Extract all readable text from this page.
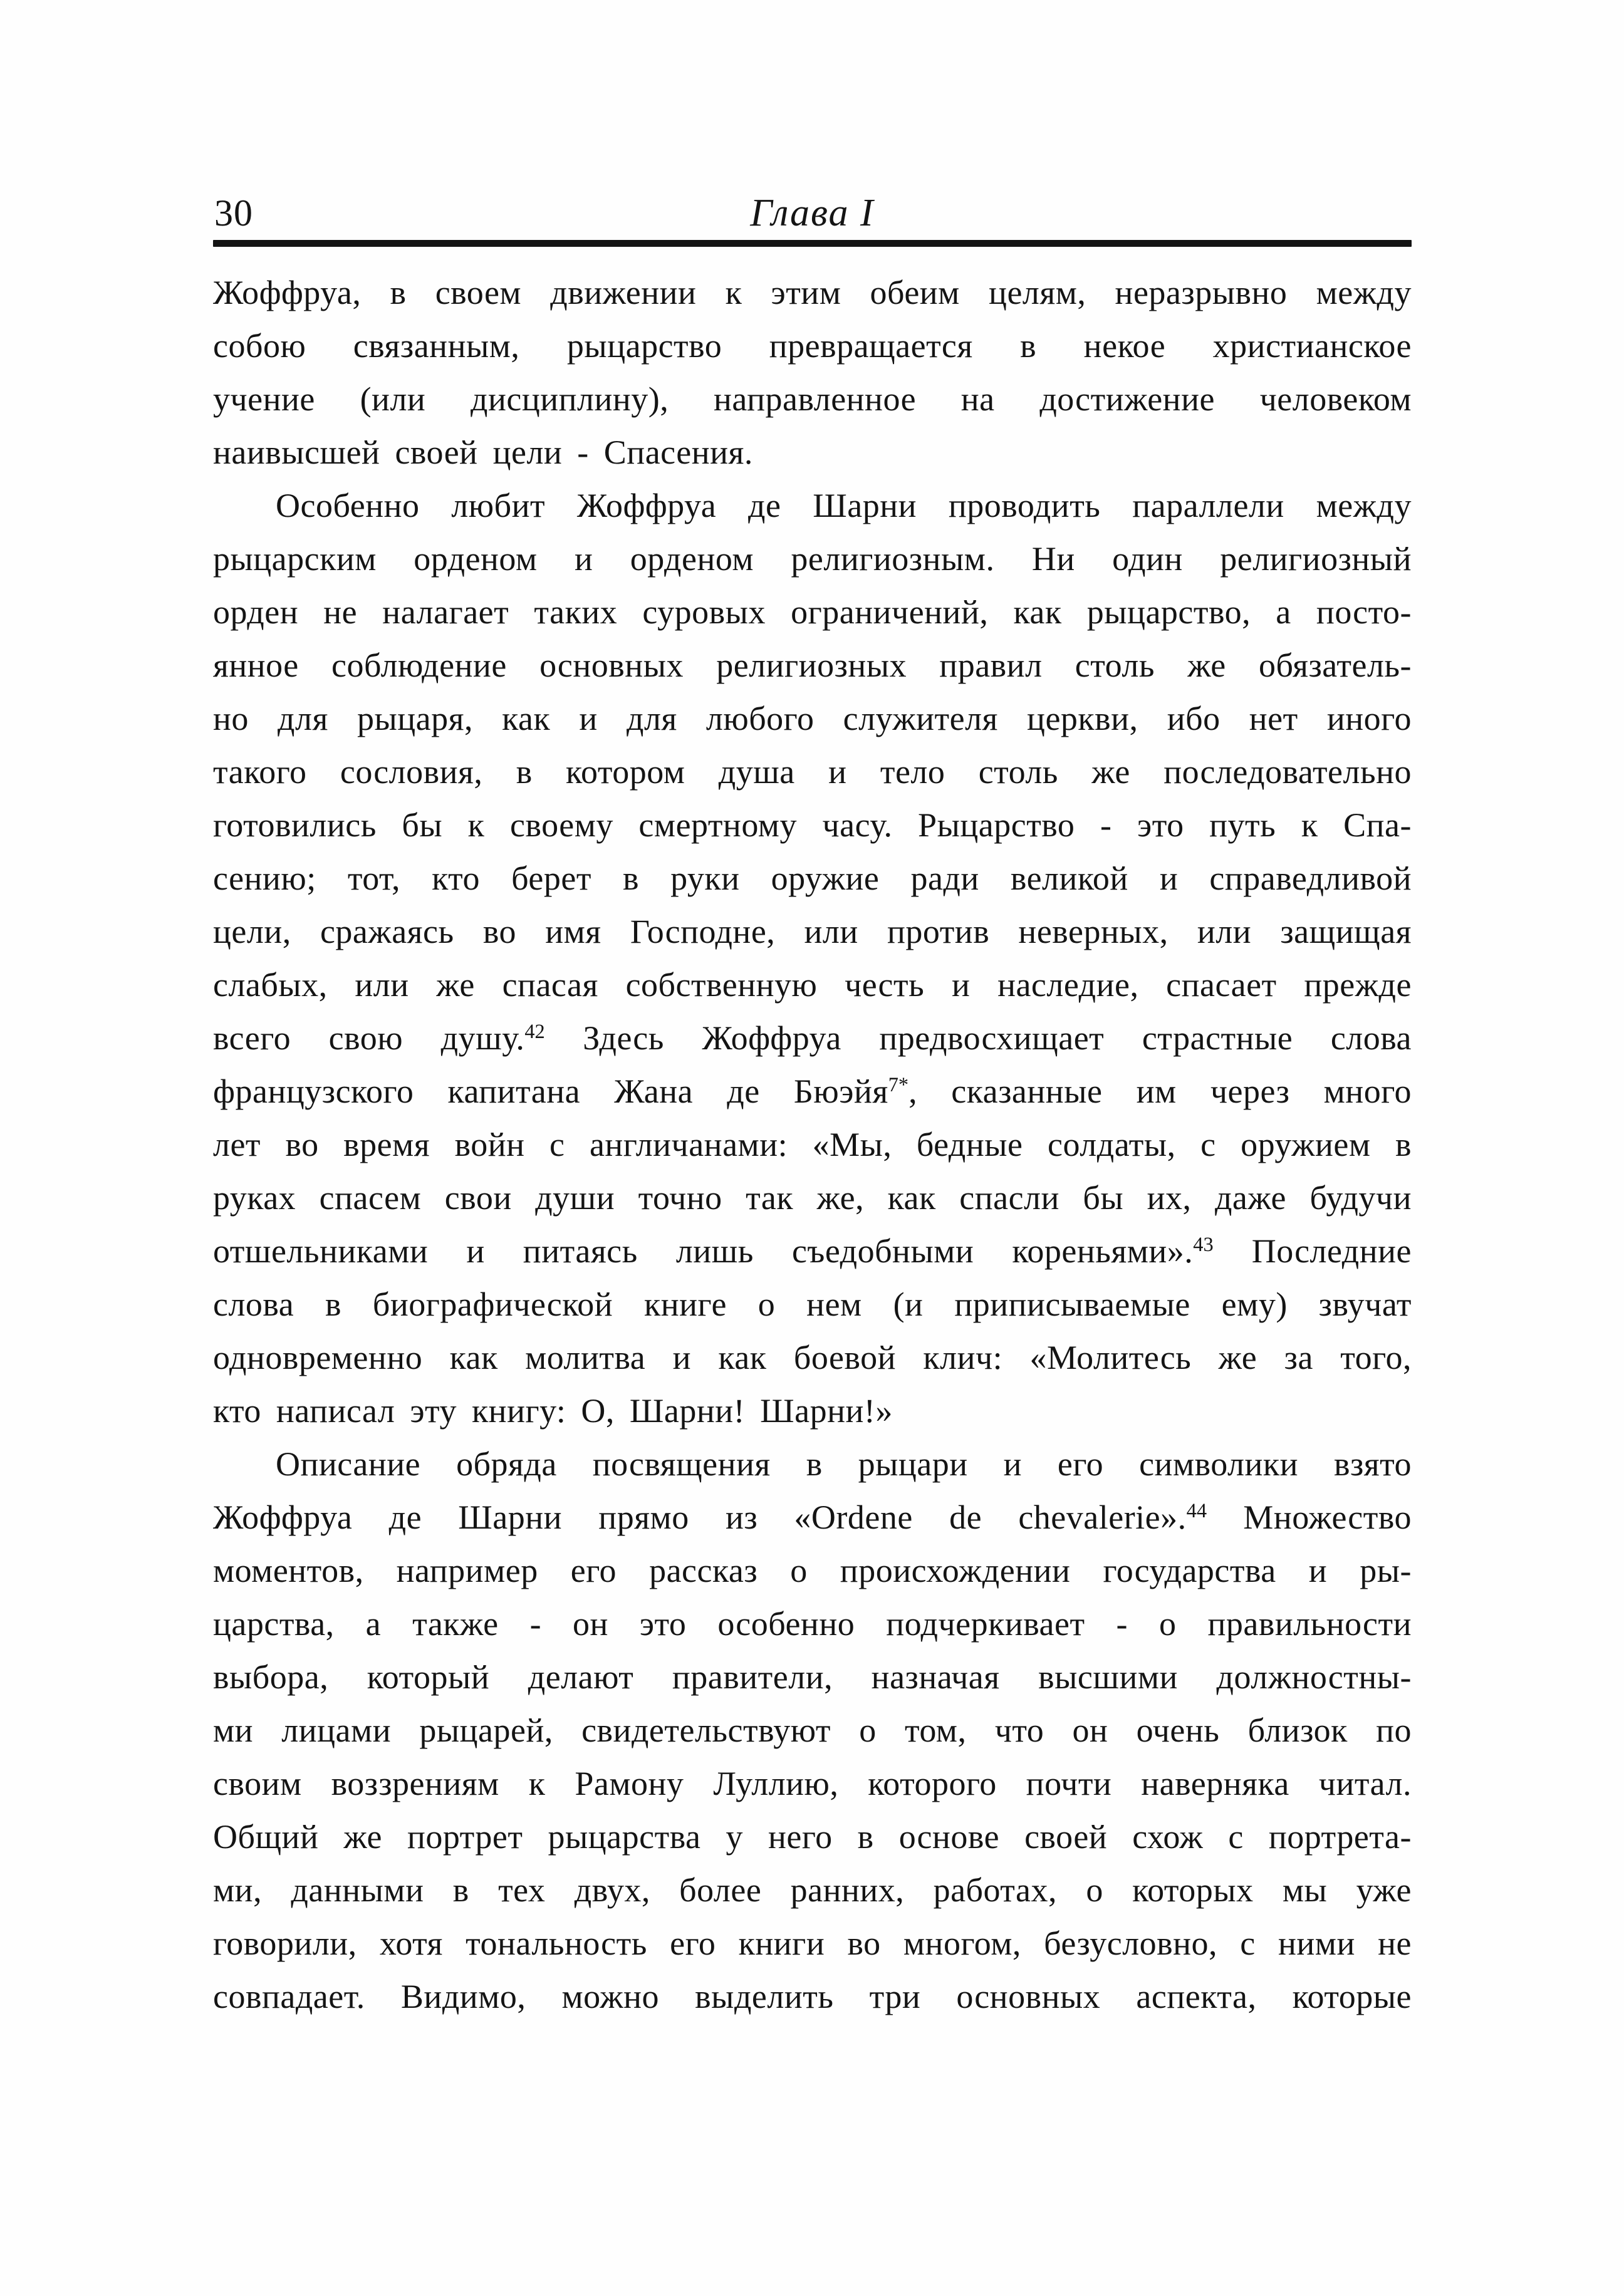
30	Глава I
Жоффруа, в своем движении к этим обеим целям, неразрывно между
собою связанным, рыцарство превращается в некое христианское
учение (или дисциплину), направленное на достижение человеком
наивысшей своей цели - Спасения.
Особенно любит Жоффруа де Шарни проводить параллели между
рыцарским орденом и орденом религиозным. Ни один религиозный
орден не налагает таких суровых ограничений, как рыцарство, а посто-
янное соблюдение основных религиозных правил столь же обязатель-
но для рыцаря, как и для любого служителя церкви, ибо нет иного
такого сословия, в котором душа и тело столь же последовательно
готовились бы к своему смертному часу. Рыцарство - это путь к Спа-
сению; тот, кто берет в руки оружие ради великой и справедливой
цели, сражаясь во имя Господне, или против неверных, или защищая
слабых, или же спасая собственную честь и наследие, спасает прежде
всего свою душу.$^{42}$ Здесь Жоффруа предвосхищает страстные слова
французского капитана Жана де Бюэйя$^{7*}$, сказанные им через много
лет во время войн с англичанами: «Мы, бедные солдаты, с оружием в
руках спасем свои души точно так же, как спасли бы их, даже будучи
отшельниками и питаясь лишь съедобными кореньями».$^{43}$ Последние
слова в биографической книге о нем (и приписываемые ему) звучат
одновременно как молитва и как боевой клич: «Молитесь же за того,
кто написал эту книгу: О, Шарни! Шарни!»
Описание обряда посвящения в рыцари и его символики взято
Жоффруа де Шарни прямо из «Ordene de chevalerie».$^{44}$ Множество
моментов, например его рассказ о происхождении государства и ры-
царства, а также - он это особенно подчеркивает - о правильности
выбора, который делают правители, назначая высшими должностны-
ми лицами рыцарей, свидетельствуют о том, что он очень близок по
своим воззрениям к Рамону Луллию, которого почти наверняка читал.
Общий же портрет рыцарства у него в основе своей схож с портрета-
ми, данными в тех двух, более ранних, работах, о которых мы уже
говорили, хотя тональность его книги во многом, безусловно, с ними не
совпадает. Видимо, можно выделить три основных аспекта, которые
